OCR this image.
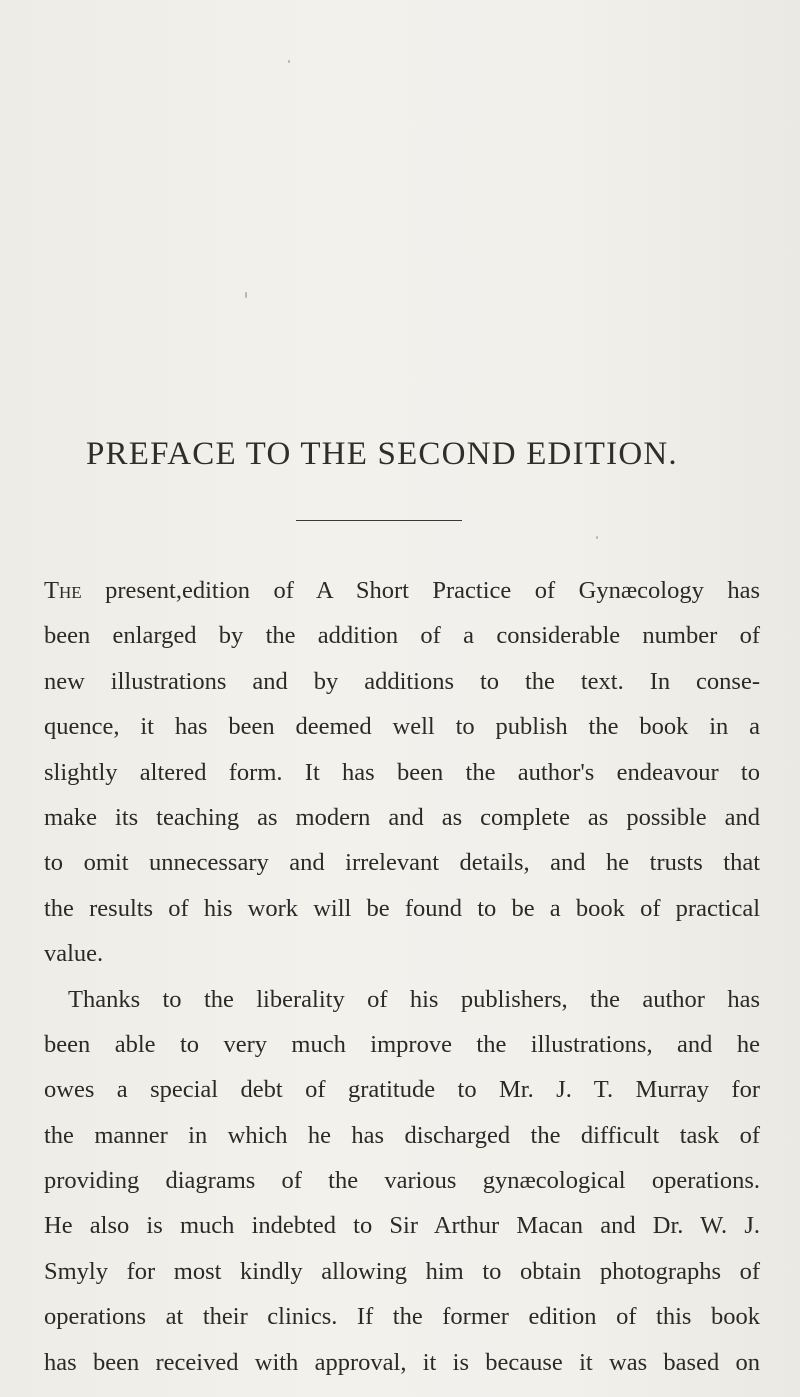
PREFACE TO THE SECOND EDITION.
The present,edition of A Short Practice of Gynæcology has
been enlarged by the addition of a considerable number of
new illustrations and by additions to the text. In conse-
quence, it has been deemed well to publish the book in a
slightly altered form. It has been the author's endeavour to
make its teaching as modern and as complete as possible and
to omit unnecessary and irrelevant details, and he trusts that
the results of his work will be found to be a book of practical
value.
Thanks to the liberality of his publishers, the author has
been able to very much improve the illustrations, and he
owes a special debt of gratitude to Mr. J. T. Murray for
the manner in which he has discharged the difficult task of
providing diagrams of the various gynæcological operations.
He also is much indebted to Sir Arthur Macan and Dr. W. J.
Smyly for most kindly allowing him to obtain photographs of
operations at their clinics. If the former edition of this book
has been received with approval, it is because it was based on
